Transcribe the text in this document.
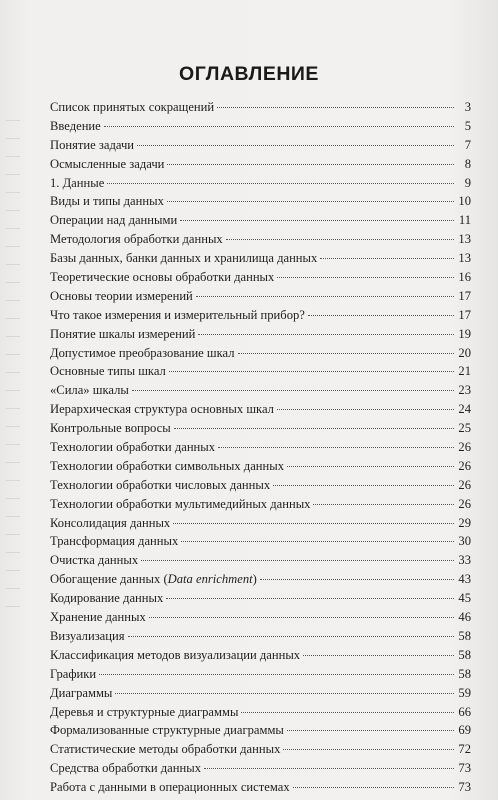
ОГЛАВЛЕНИЕ
Список принятых сокращений	3
Введение	5
Понятие задачи	7
Осмысленные задачи	8
1. Данные	9
Виды и типы данных	10
Операции над данными	11
Методология обработки данных	13
Базы данных, банки данных и хранилища данных	13
Теоретические основы обработки данных	16
Основы теории измерений	17
Что такое измерения и измерительный прибор?	17
Понятие шкалы измерений	19
Допустимое преобразование шкал	20
Основные типы шкал	21
«Сила» шкалы	23
Иерархическая структура основных шкал	24
Контрольные вопросы	25
Технологии обработки данных	26
Технологии обработки символьных данных	26
Технологии обработки числовых данных	26
Технологии обработки мультимедийных данных	26
Консолидация данных	29
Трансформация данных	30
Очистка данных	33
Обогащение данных (Data enrichment)	43
Кодирование данных	45
Хранение данных	46
Визуализация	58
Классификация методов визуализации данных	58
Графики	58
Диаграммы	59
Деревья и структурные диаграммы	66
Формализованные структурные диаграммы	69
Статистические методы обработки данных	72
Средства обработки данных	73
Работа с данными в операционных системах	73
